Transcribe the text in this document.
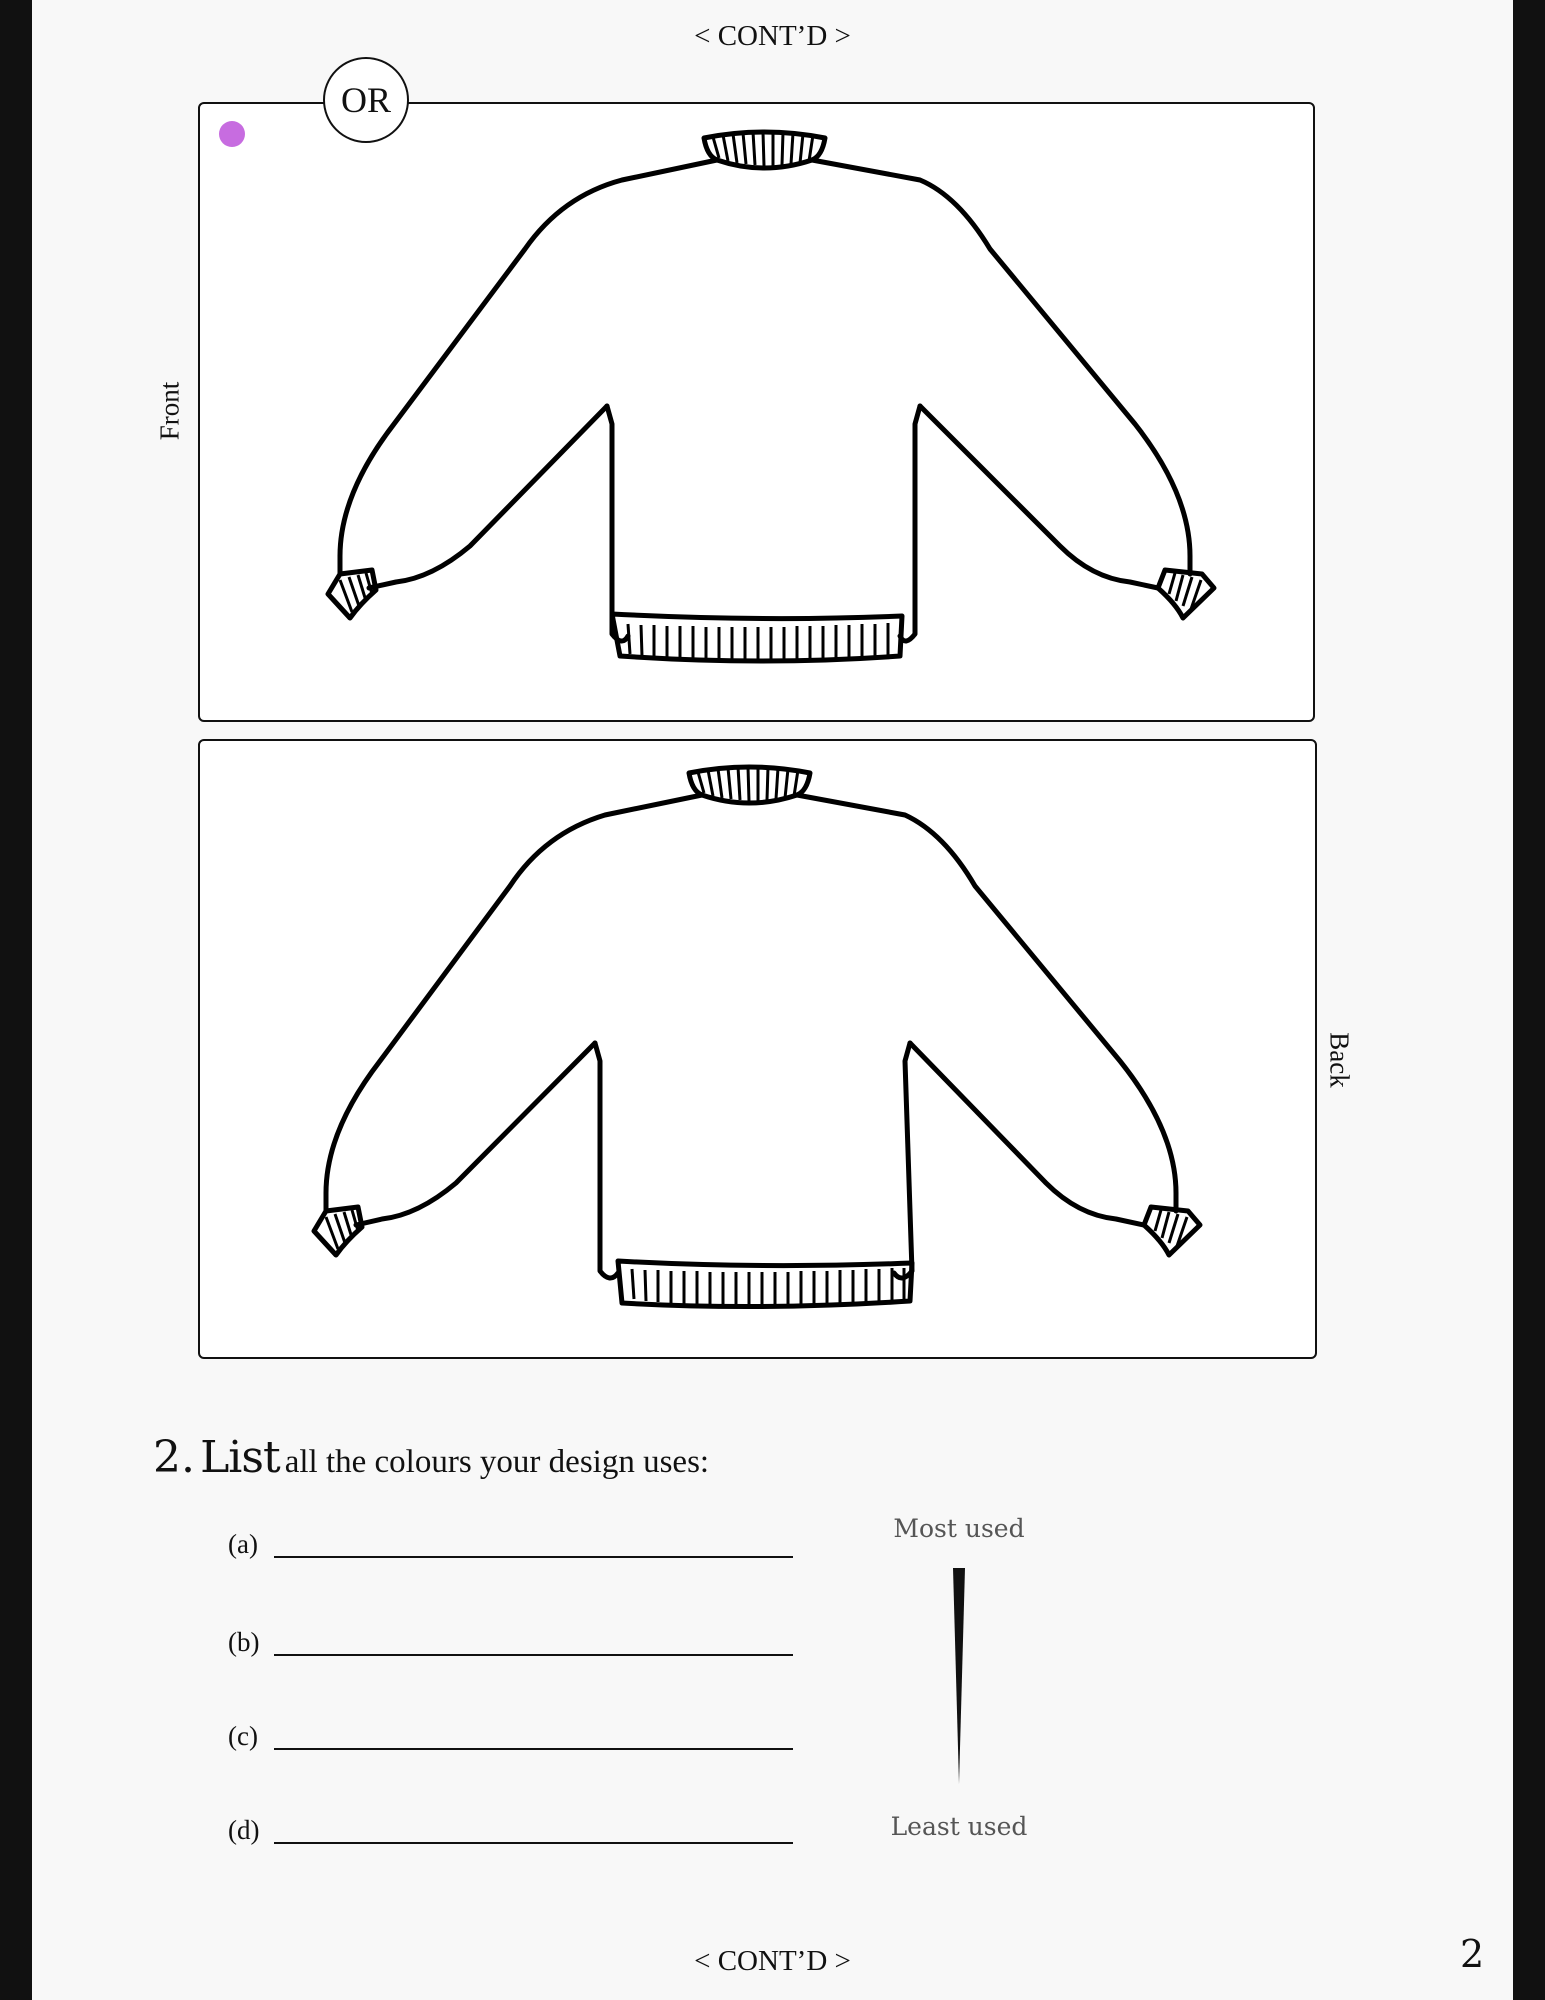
< CONT’D >
OR
Front
Back
2. List all the colours your design uses:
(a)
(b)
(c)
(d)
Most used
Least used
< CONT’D >	2
